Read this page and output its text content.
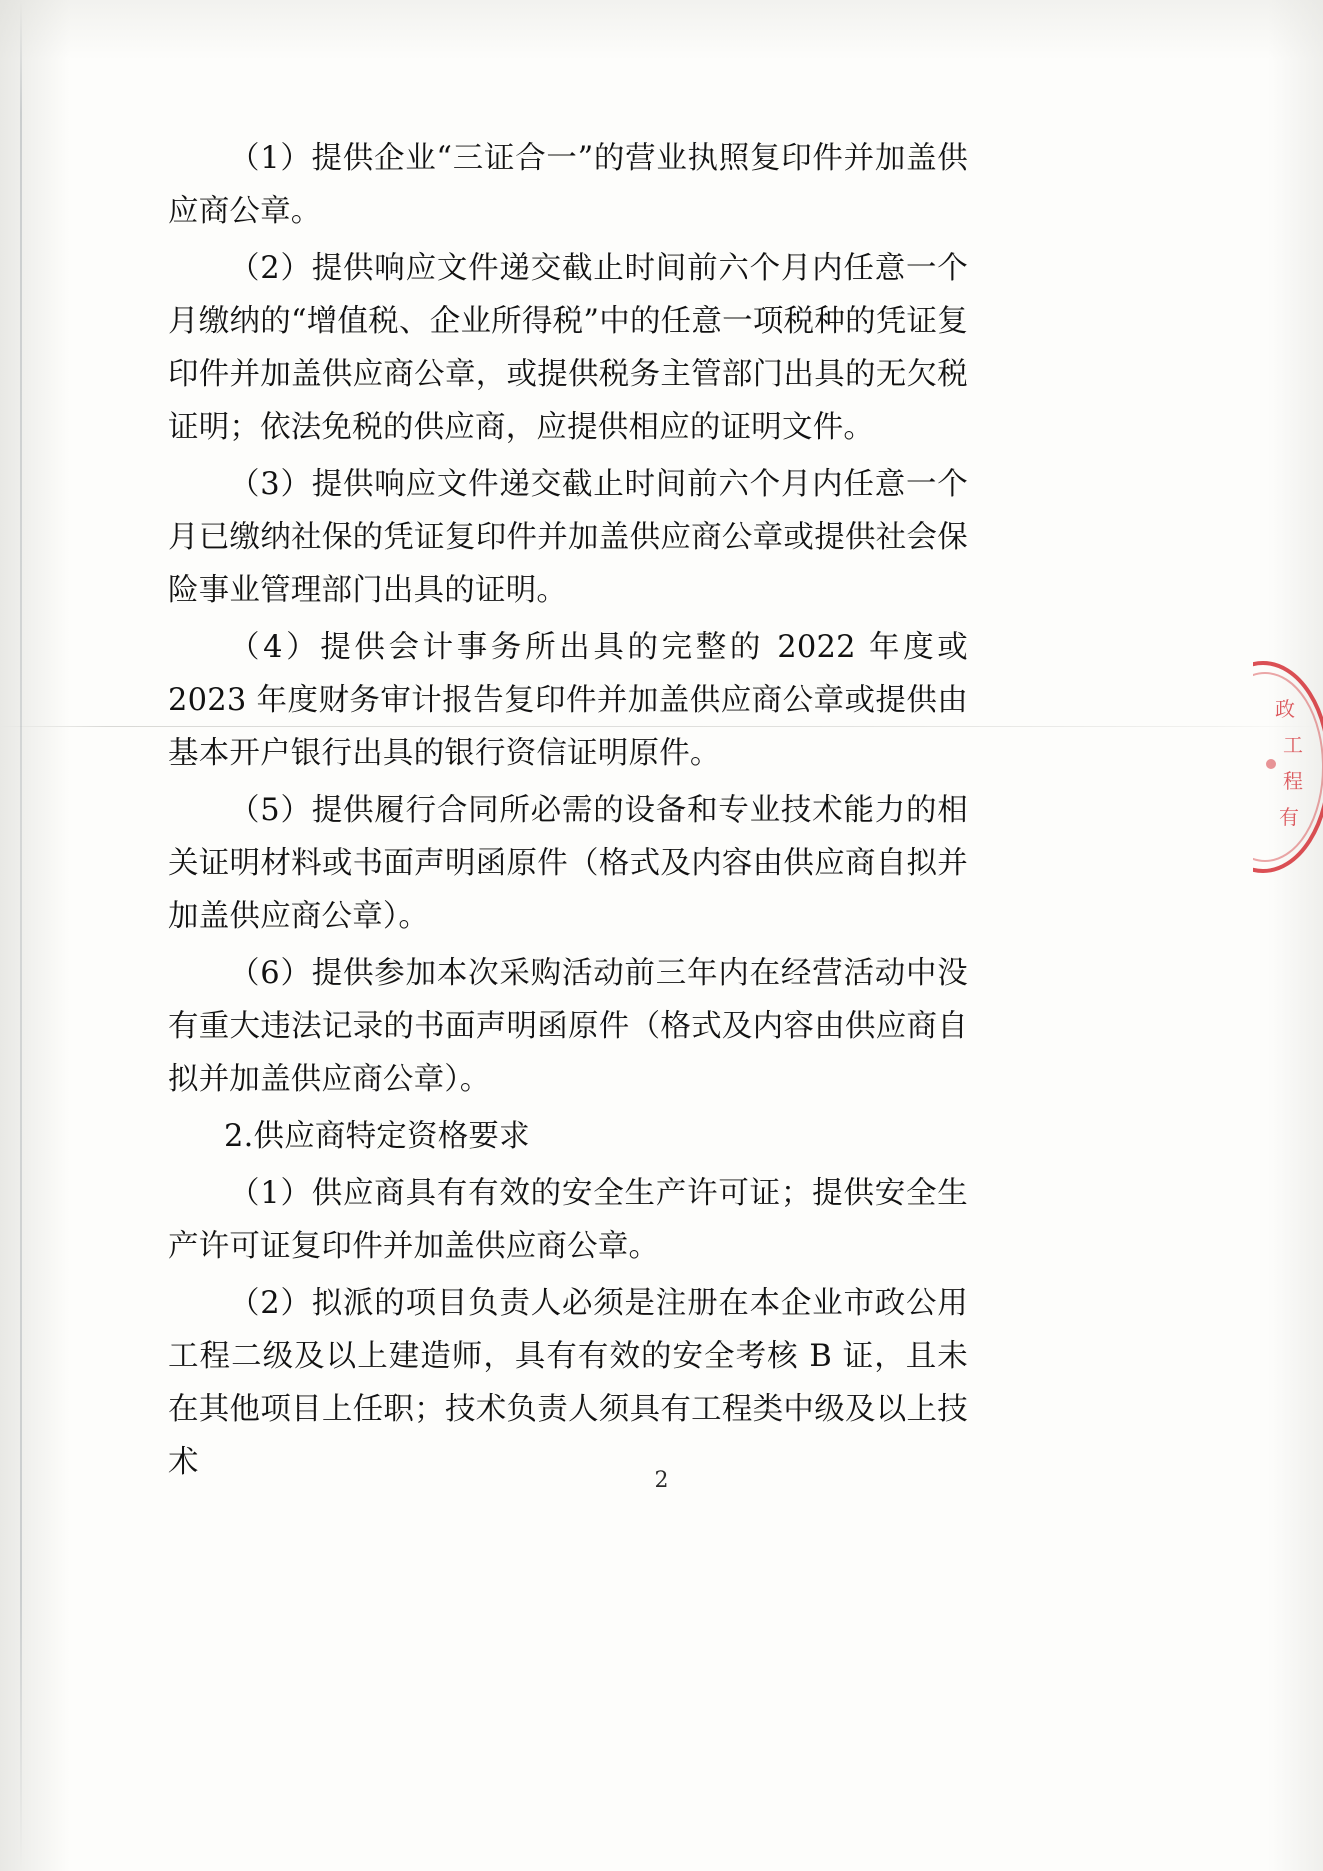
（1）提供企业“三证合一”的营业执照复印件并加盖供应商公章。

（2）提供响应文件递交截止时间前六个月内任意一个月缴纳的“增值税、企业所得税”中的任意一项税种的凭证复印件并加盖供应商公章，或提供税务主管部门出具的无欠税证明；依法免税的供应商，应提供相应的证明文件。

（3）提供响应文件递交截止时间前六个月内任意一个月已缴纳社保的凭证复印件并加盖供应商公章或提供社会保险事业管理部门出具的证明。

（4）提供会计事务所出具的完整的 2022 年度或 2023 年度财务审计报告复印件并加盖供应商公章或提供由基本开户银行出具的银行资信证明原件。

（5）提供履行合同所必需的设备和专业技术能力的相关证明材料或书面声明函原件（格式及内容由供应商自拟并加盖供应商公章）。

（6）提供参加本次采购活动前三年内在经营活动中没有重大违法记录的书面声明函原件（格式及内容由供应商自拟并加盖供应商公章）。

2.供应商特定资格要求

（1）供应商具有有效的安全生产许可证；提供安全生产许可证复印件并加盖供应商公章。

（2）拟派的项目负责人必须是注册在本企业市政公用工程二级及以上建造师，具有有效的安全考核 B 证，且未在其他项目上任职；技术负责人须具有工程类中级及以上技术

2
政
工
程
有
